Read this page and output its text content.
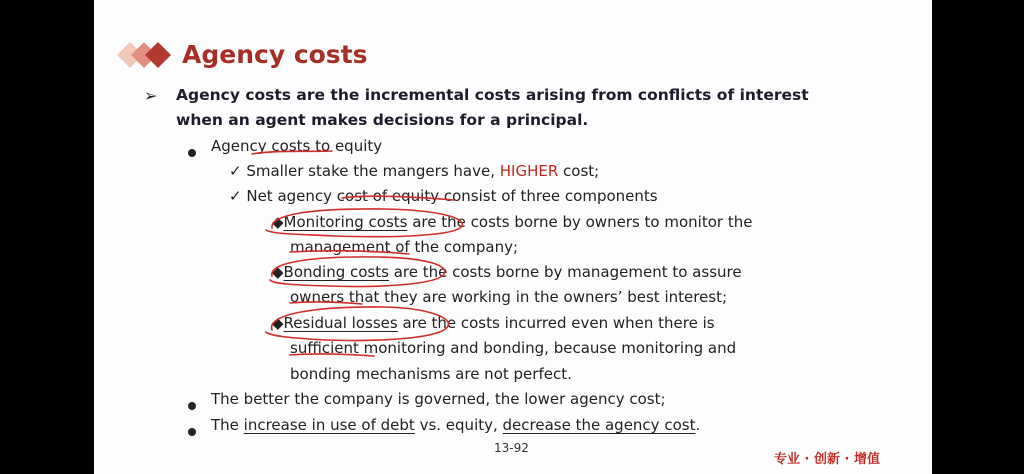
Agency costs
➢ Agency costs are the incremental costs arising from conflicts of interest
when an agent makes decisions for a principal.
Agency costs to equity
✓ Smaller stake the mangers have, HIGHER cost;
✓ Net agency cost of equity consist of three components
◆Monitoring costs are the costs borne by owners to monitor the
management of the company;
◆Bonding costs are the costs borne by management to assure
owners that they are working in the owners’ best interest;
◆Residual losses are the costs incurred even when there is
sufficient monitoring and bonding, because monitoring and
bonding mechanisms are not perfect.
The better the company is governed, the lower agency cost;
The increase in use of debt vs. equity, decrease the agency cost.
13-92
专业 · 创新 · 增值
